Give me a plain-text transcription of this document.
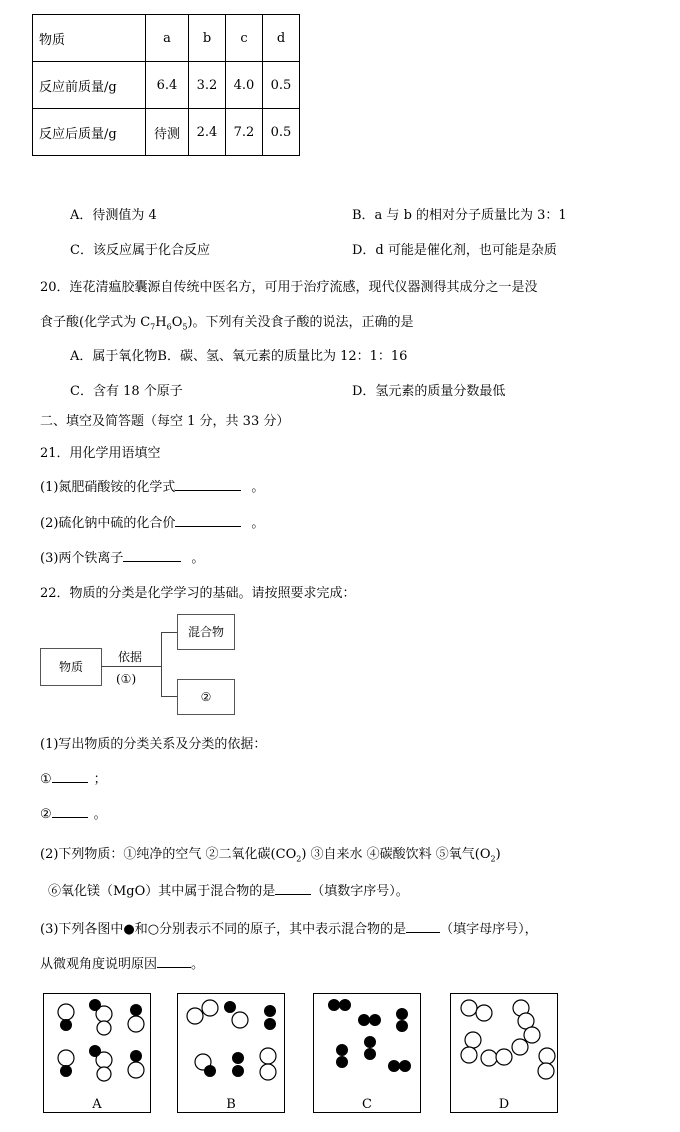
物质	a	b	c	d
反应前质量/g	6.4	3.2	4.0	0.5
反应后质量/g	待测	2.4	7.2	0.5
A．待测值为 4	B．a 与 b 的相对分子质量比为 3：1
C．该反应属于化合反应	D．d 可能是催化剂，也可能是杂质
20．连花清瘟胶囊源自传统中医名方，可用于治疗流感，现代仪器测得其成分之一是没
食子酸(化学式为 $C_7H_6O_5$)。下列有关没食子酸的说法，正确的是
A．属于氧化物B．碳、氢、氧元素的质量比为 12：1：16
C．含有 18 个原子	D．氢元素的质量分数最低
二、填空及简答题（每空 1 分，共 33 分）
21．用化学用语填空
(1)氮肥硝酸铵的化学式	。
(2)硫化钠中硫的化合价	。
(3)两个铁离子	。
22．物质的分类是化学学习的基础。请按照要求完成：
物质
依据
(①)
混合物
②
(1)写出物质的分类关系及分类的依据：
①	；
②	。
(2)下列物质：①纯净的空气 ②二氧化碳$(CO_2)$ ③自来水 ④碳酸饮料 ⑤氧气$(O_2)$
⑥氧化镁（MgO）其中属于混合物的是	（填数字序号）。
(3)下列各图中●和○分别表示不同的原子，其中表示混合物的是	（填字母序号），
从微观角度说明原因	。
A	B	C	D
